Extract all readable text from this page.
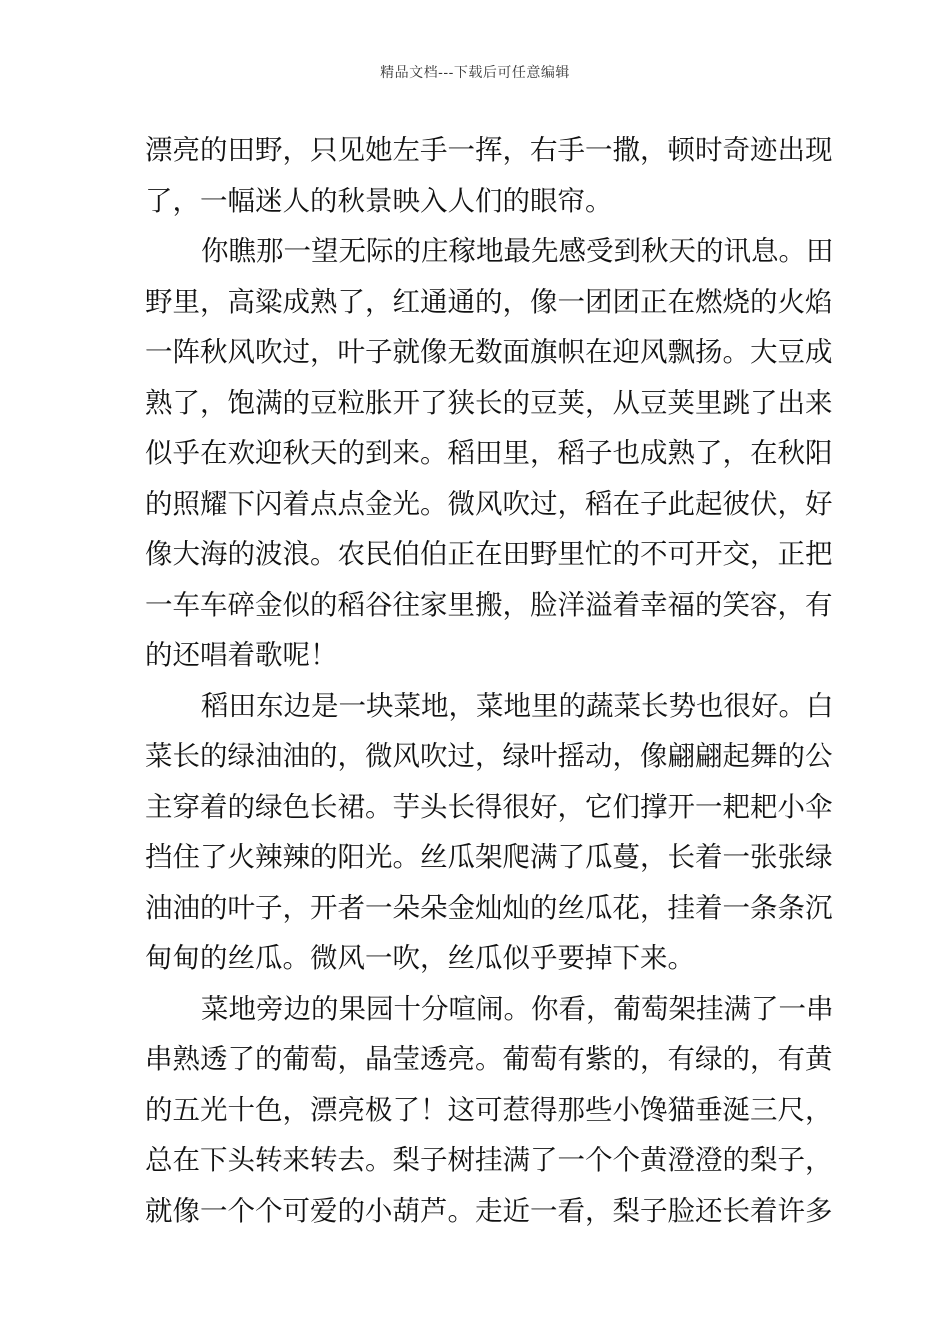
精品文档---下载后可任意编辑
漂亮的田野，只见她左手一挥，右手一撒，顿时奇迹出现
了，一幅迷人的秋景映入人们的眼帘。
你瞧那一望无际的庄稼地最先感受到秋天的讯息。田
野里，高粱成熟了，红通通的，像一团团正在燃烧的火焰
一阵秋风吹过，叶子就像无数面旗帜在迎风飘扬。大豆成
熟了，饱满的豆粒胀开了狭长的豆荚，从豆荚里跳了出来
似乎在欢迎秋天的到来。稻田里，稻子也成熟了，在秋阳
的照耀下闪着点点金光。微风吹过，稻在子此起彼伏，好
像大海的波浪。农民伯伯正在田野里忙的不可开交，正把
一车车碎金似的稻谷往家里搬，脸洋溢着幸福的笑容，有
的还唱着歌呢！
稻田东边是一块菜地，菜地里的蔬菜长势也很好。白
菜长的绿油油的，微风吹过，绿叶摇动，像翩翩起舞的公
主穿着的绿色长裙。芋头长得很好，它们撑开一耙耙小伞
挡住了火辣辣的阳光。丝瓜架爬满了瓜蔓，长着一张张绿
油油的叶子，开者一朵朵金灿灿的丝瓜花，挂着一条条沉
甸甸的丝瓜。微风一吹，丝瓜似乎要掉下来。
菜地旁边的果园十分喧闹。你看，葡萄架挂满了一串
串熟透了的葡萄，晶莹透亮。葡萄有紫的，有绿的，有黄
的五光十色，漂亮极了！这可惹得那些小馋猫垂涎三尺，
总在下头转来转去。梨子树挂满了一个个黄澄澄的梨子，
就像一个个可爱的小葫芦。走近一看，梨子脸还长着许多
